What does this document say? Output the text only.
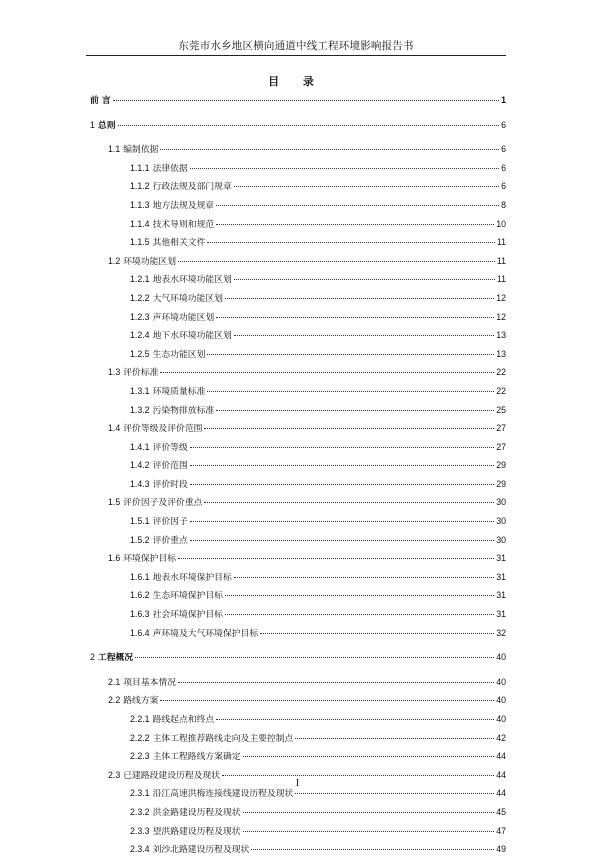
东莞市水乡地区横向通道中线工程环境影响报告书
目 录
前 言	1
1 总则	6
1.1 编制依据	6
1.1.1 法律依据	6
1.1.2 行政法规及部门规章	6
1.1.3 地方法规及规章	8
1.1.4 技术导则和规范	10
1.1.5 其他相关文件	11
1.2 环境功能区划	11
1.2.1 地表水环境功能区划	11
1.2.2 大气环境功能区划	12
1.2.3 声环境功能区划	12
1.2.4 地下水环境功能区划	13
1.2.5 生态功能区划	13
1.3 评价标准	22
1.3.1 环境质量标准	22
1.3.2 污染物排放标准	25
1.4 评价等级及评价范围	27
1.4.1 评价等级	27
1.4.2 评价范围	29
1.4.3 评价时段	29
1.5 评价因子及评价重点	30
1.5.1 评价因子	30
1.5.2 评价重点	30
1.6 环境保护目标	31
1.6.1 地表水环境保护目标	31
1.6.2 生态环境保护目标	31
1.6.3 社会环境保护目标	31
1.6.4 声环境及大气环境保护目标	32
2 工程概况	40
2.1 项目基本情况	40
2.2 路线方案	40
2.2.1 路线起点和终点	40
2.2.2 主体工程推荐路线走向及主要控制点	42
2.2.3 主体工程路线方案确定	44
2.3 已建路段建设历程及现状	44
2.3.1 沿江高速洪梅连接线建设历程及现状	44
2.3.2 洪金路建设历程及现状	45
2.3.3 望洪路建设历程及现状	47
2.3.4 刘沙北路建设历程及现状	49
I
